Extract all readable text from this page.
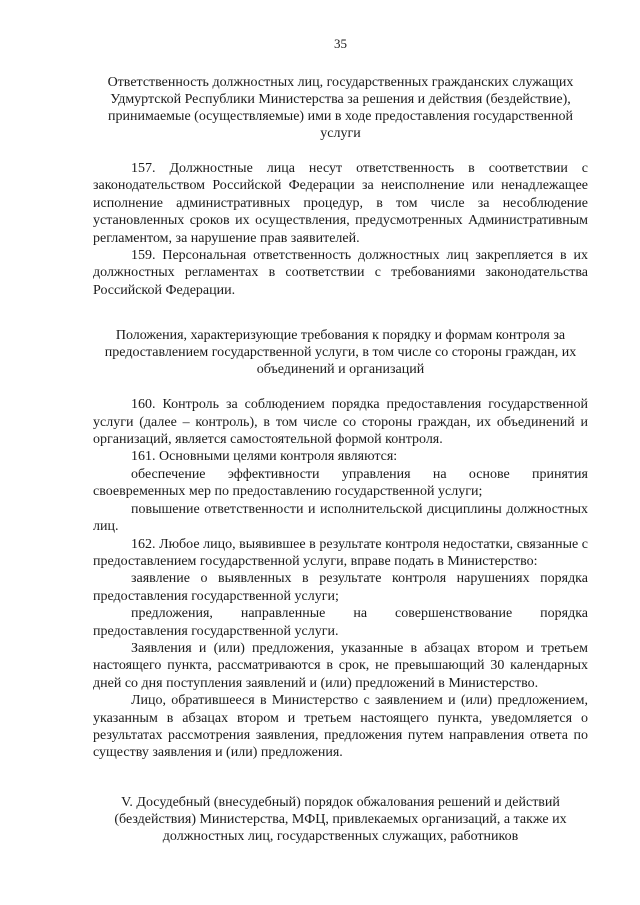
35
Ответственность должностных лиц, государственных гражданских служащих Удмуртской Республики Министерства за решения и действия (бездействие), принимаемые (осуществляемые) ими в ходе предоставления государственной услуги

157. Должностные лица несут ответственность в соответствии с законодательством Российской Федерации за неисполнение или ненадлежащее исполнение административных процедур, в том числе за несоблюдение установленных сроков их осуществления, предусмотренных Административным регламентом, за нарушение прав заявителей.

159. Персональная ответственность должностных лиц закрепляется в их должностных регламентах в соответствии с требованиями законодательства Российской Федерации.

Положения, характеризующие требования к порядку и формам контроля за предоставлением государственной услуги, в том числе со стороны граждан, их объединений и организаций

160. Контроль за соблюдением порядка предоставления государственной услуги (далее – контроль), в том числе со стороны граждан, их объединений и организаций, является самостоятельной формой контроля.

161. Основными целями контроля являются:

обеспечение эффективности управления на основе принятия своевременных мер по предоставлению государственной услуги;

повышение ответственности и исполнительской дисциплины должностных лиц.

162. Любое лицо, выявившее в результате контроля недостатки, связанные с предоставлением государственной услуги, вправе подать в Министерство:

заявление о выявленных в результате контроля нарушениях порядка предоставления государственной услуги;

предложения, направленные на совершенствование порядка предоставления государственной услуги.

Заявления и (или) предложения, указанные в абзацах втором и третьем настоящего пункта, рассматриваются в срок, не превышающий 30 календарных дней со дня поступления заявлений и (или) предложений в Министерство.

Лицо, обратившееся в Министерство с заявлением и (или) предложением, указанным в абзацах втором и третьем настоящего пункта, уведомляется о результатах рассмотрения заявления, предложения путем направления ответа по существу заявления и (или) предложения.

V. Досудебный (внесудебный) порядок обжалования решений и действий (бездействия) Министерства, МФЦ, привлекаемых организаций, а также их должностных лиц, государственных служащих, работников
